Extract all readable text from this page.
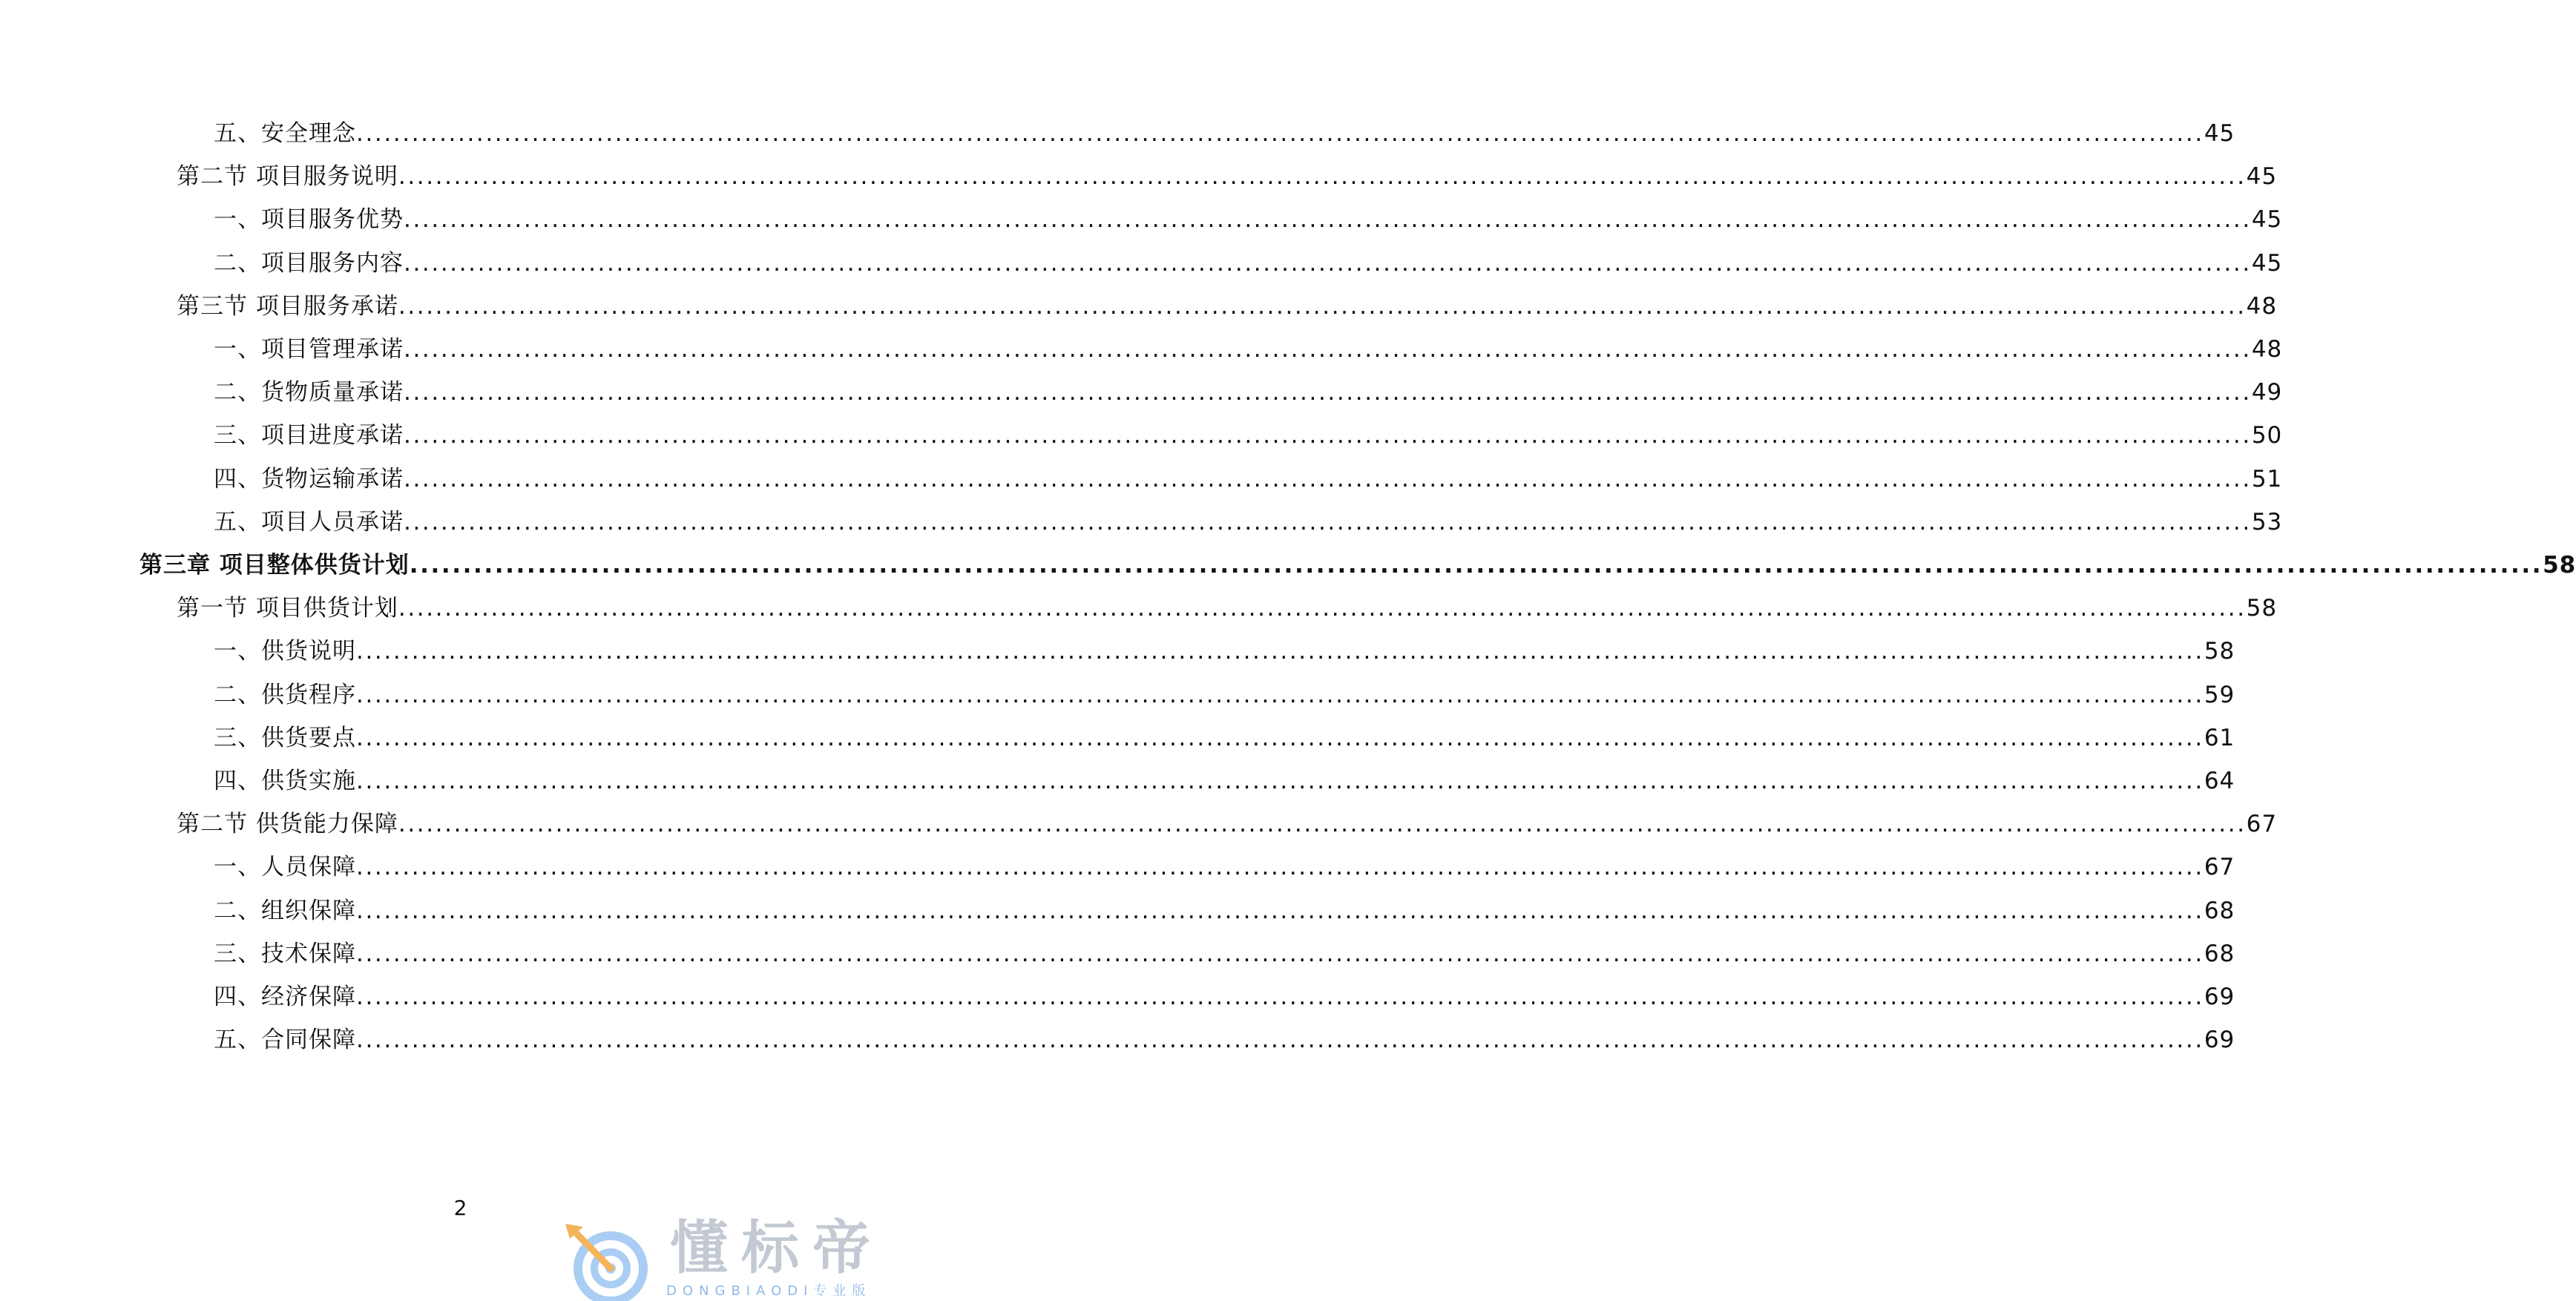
五、安全理念 ........................................................................................................................................................................................................ 45
第二节 项目服务说明 ........................................................................................................................................................................................................ 45
一、项目服务优势 ........................................................................................................................................................................................................ 45
二、项目服务内容 ........................................................................................................................................................................................................ 45
第三节 项目服务承诺 ........................................................................................................................................................................................................ 48
一、项目管理承诺 ........................................................................................................................................................................................................ 48
二、货物质量承诺 ........................................................................................................................................................................................................ 49
三、项目进度承诺 ........................................................................................................................................................................................................ 50
四、货物运输承诺 ........................................................................................................................................................................................................ 51
五、项目人员承诺 ........................................................................................................................................................................................................ 53
第三章 项目整体供货计划 ........................................................................................................................................................................................................ 58
第一节 项目供货计划 ........................................................................................................................................................................................................ 58
一、供货说明 ........................................................................................................................................................................................................ 58
二、供货程序 ........................................................................................................................................................................................................ 59
三、供货要点 ........................................................................................................................................................................................................ 61
四、供货实施 ........................................................................................................................................................................................................ 64
第二节 供货能力保障 ........................................................................................................................................................................................................ 67
一、人员保障 ........................................................................................................................................................................................................ 67
二、组织保障 ........................................................................................................................................................................................................ 68
三、技术保障 ........................................................................................................................................................................................................ 68
四、经济保障 ........................................................................................................................................................................................................ 69
五、合同保障 ........................................................................................................................................................................................................ 69
2
懂标帝
DONGBIAODI专业版
